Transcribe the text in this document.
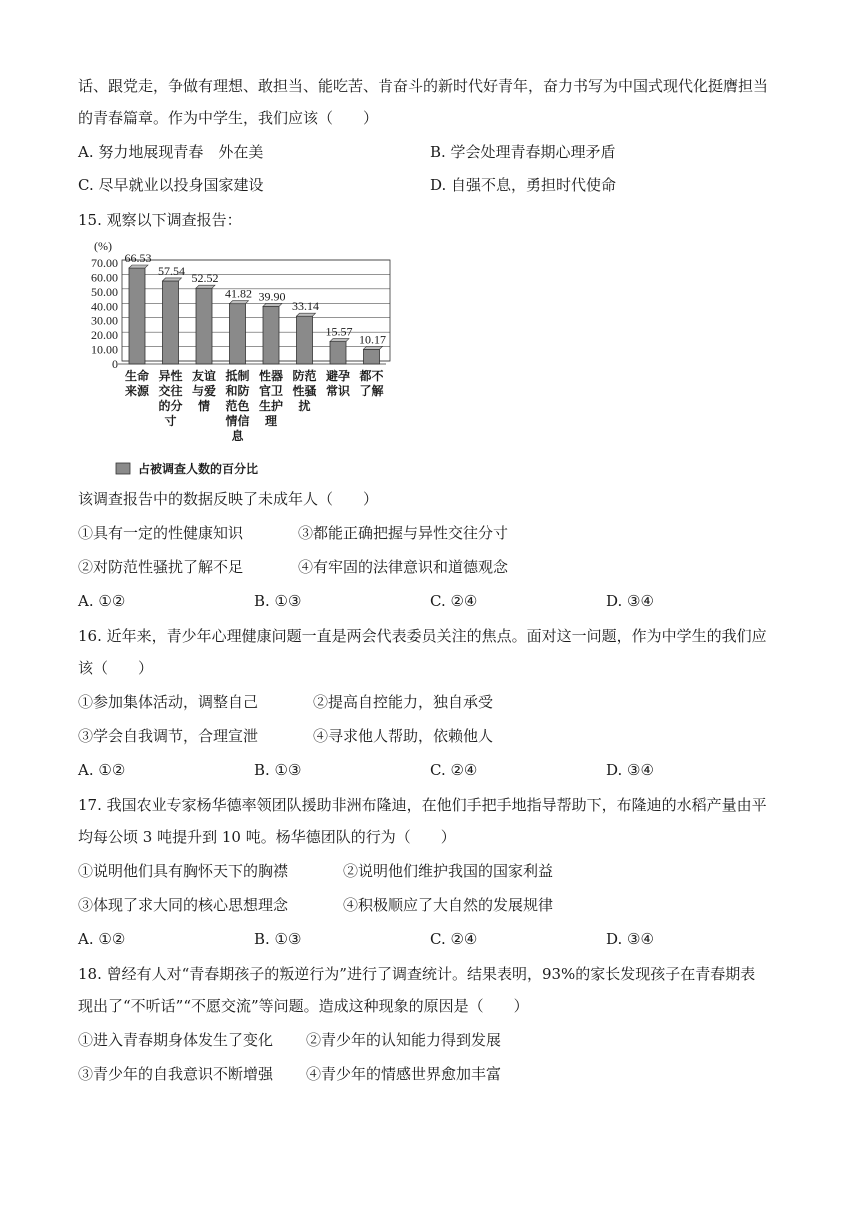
话、跟党走，争做有理想、敢担当、能吃苦、肯奋斗的新时代好青年，奋力书写为中国式现代化挺膺担当
的青春篇章。作为中学生，我们应该（　　）
A. 努力地展现青春　外在美	B. 学会处理青春期心理矛盾
C. 尽早就业以投身国家建设	D. 自强不息，勇担时代使命
15. 观察以下调查报告：
(%)
70.00
60.00
50.00
40.00
30.00
20.00
10.00
0
66.53
57.54
52.52
41.82 39.90
33.14
15.57
10.17
生命
来源
异性
交往
的分
寸
友谊
与爱
情
抵制
和防
范色
情信
息
性器
官卫
生护
理
防范
性骚
扰
避孕
常识
都不
了解
占被调查人数的百分比
该调查报告中的数据反映了未成年人（　　）
①具有一定的性健康知识	③都能正确把握与异性交往分寸
②对防范性骚扰了解不足	④有牢固的法律意识和道德观念
A. ①②	B. ①③	C. ②④	D. ③④
16. 近年来，青少年心理健康问题一直是两会代表委员关注的焦点。面对这一问题，作为中学生的我们应
该（　　）
①参加集体活动，调整自己	②提高自控能力，独自承受
③学会自我调节，合理宣泄	④寻求他人帮助，依赖他人
A. ①②	B. ①③	C. ②④	D. ③④
17. 我国农业专家杨华德率领团队援助非洲布隆迪，在他们手把手地指导帮助下，布隆迪的水稻产量由平
均每公顷 3 吨提升到 10 吨。杨华德团队的行为（　　）
①说明他们具有胸怀天下的胸襟	②说明他们维护我国的国家利益
③体现了求大同的核心思想理念	④积极顺应了大自然的发展规律
A. ①②	B. ①③	C. ②④	D. ③④
18. 曾经有人对“青春期孩子的叛逆行为”进行了调查统计。结果表明，93%的家长发现孩子在青春期表
现出了“不听话”“不愿交流”等问题。造成这种现象的原因是（　　）
①进入青春期身体发生了变化 ②青少年的认知能力得到发展
③青少年的自我意识不断增强 ④青少年的情感世界愈加丰富
